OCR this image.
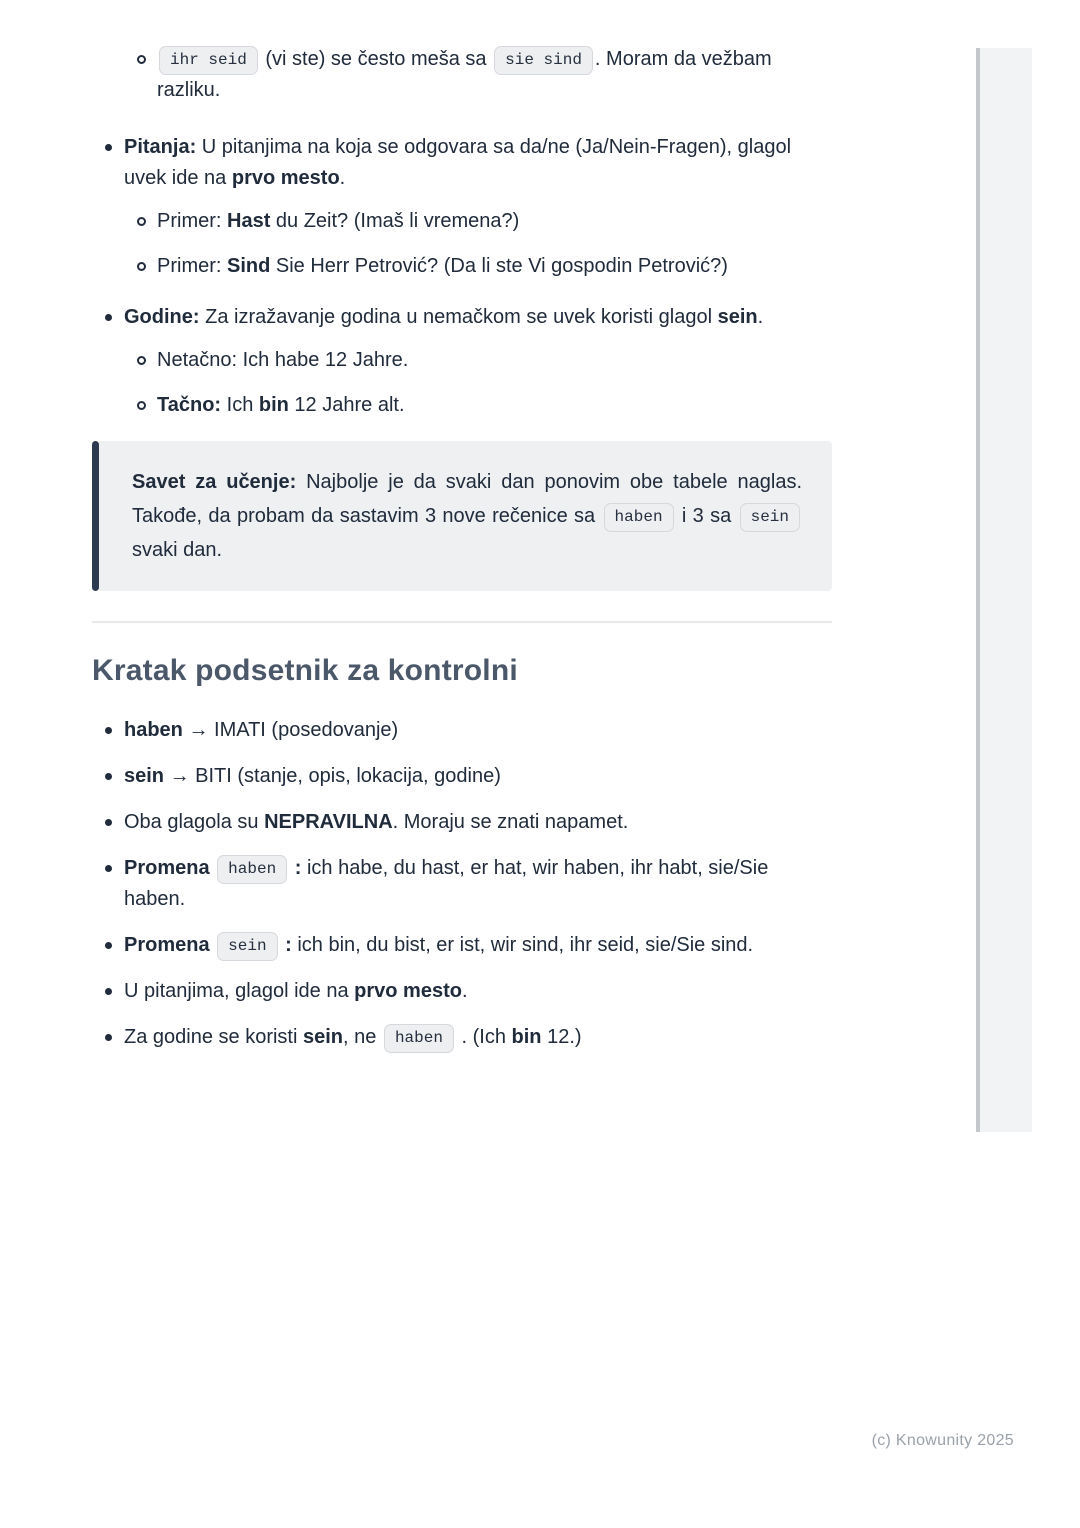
ihr seid (vi ste) se često meša sa sie sind . Moram da vežbam razliku.
Pitanja: U pitanjima na koja se odgovara sa da/ne (Ja/Nein-Fragen), glagol uvek ide na prvo mesto.
Primer: Hast du Zeit? (Imaš li vremena?)
Primer: Sind Sie Herr Petrović? (Da li ste Vi gospodin Petrović?)
Godine: Za izražavanje godina u nemačkom se uvek koristi glagol sein.
Netačno: Ich habe 12 Jahre.
Tačno: Ich bin 12 Jahre alt.
Savet za učenje: Najbolje je da svaki dan ponovim obe tabele naglas. Takođe, da probam da sastavim 3 nove rečenice sa haben i 3 sa sein svaki dan.
Kratak podsetnik za kontrolni
haben → IMATI (posedovanje)
sein → BITI (stanje, opis, lokacija, godine)
Oba glagola su NEPRAVILNA. Moraju se znati napamet.
Promena haben : ich habe, du hast, er hat, wir haben, ihr habt, sie/Sie haben.
Promena sein : ich bin, du bist, er ist, wir sind, ihr seid, sie/Sie sind.
U pitanjima, glagol ide na prvo mesto.
Za godine se koristi sein, ne haben . (Ich bin 12.)
(c) Knowunity 2025
